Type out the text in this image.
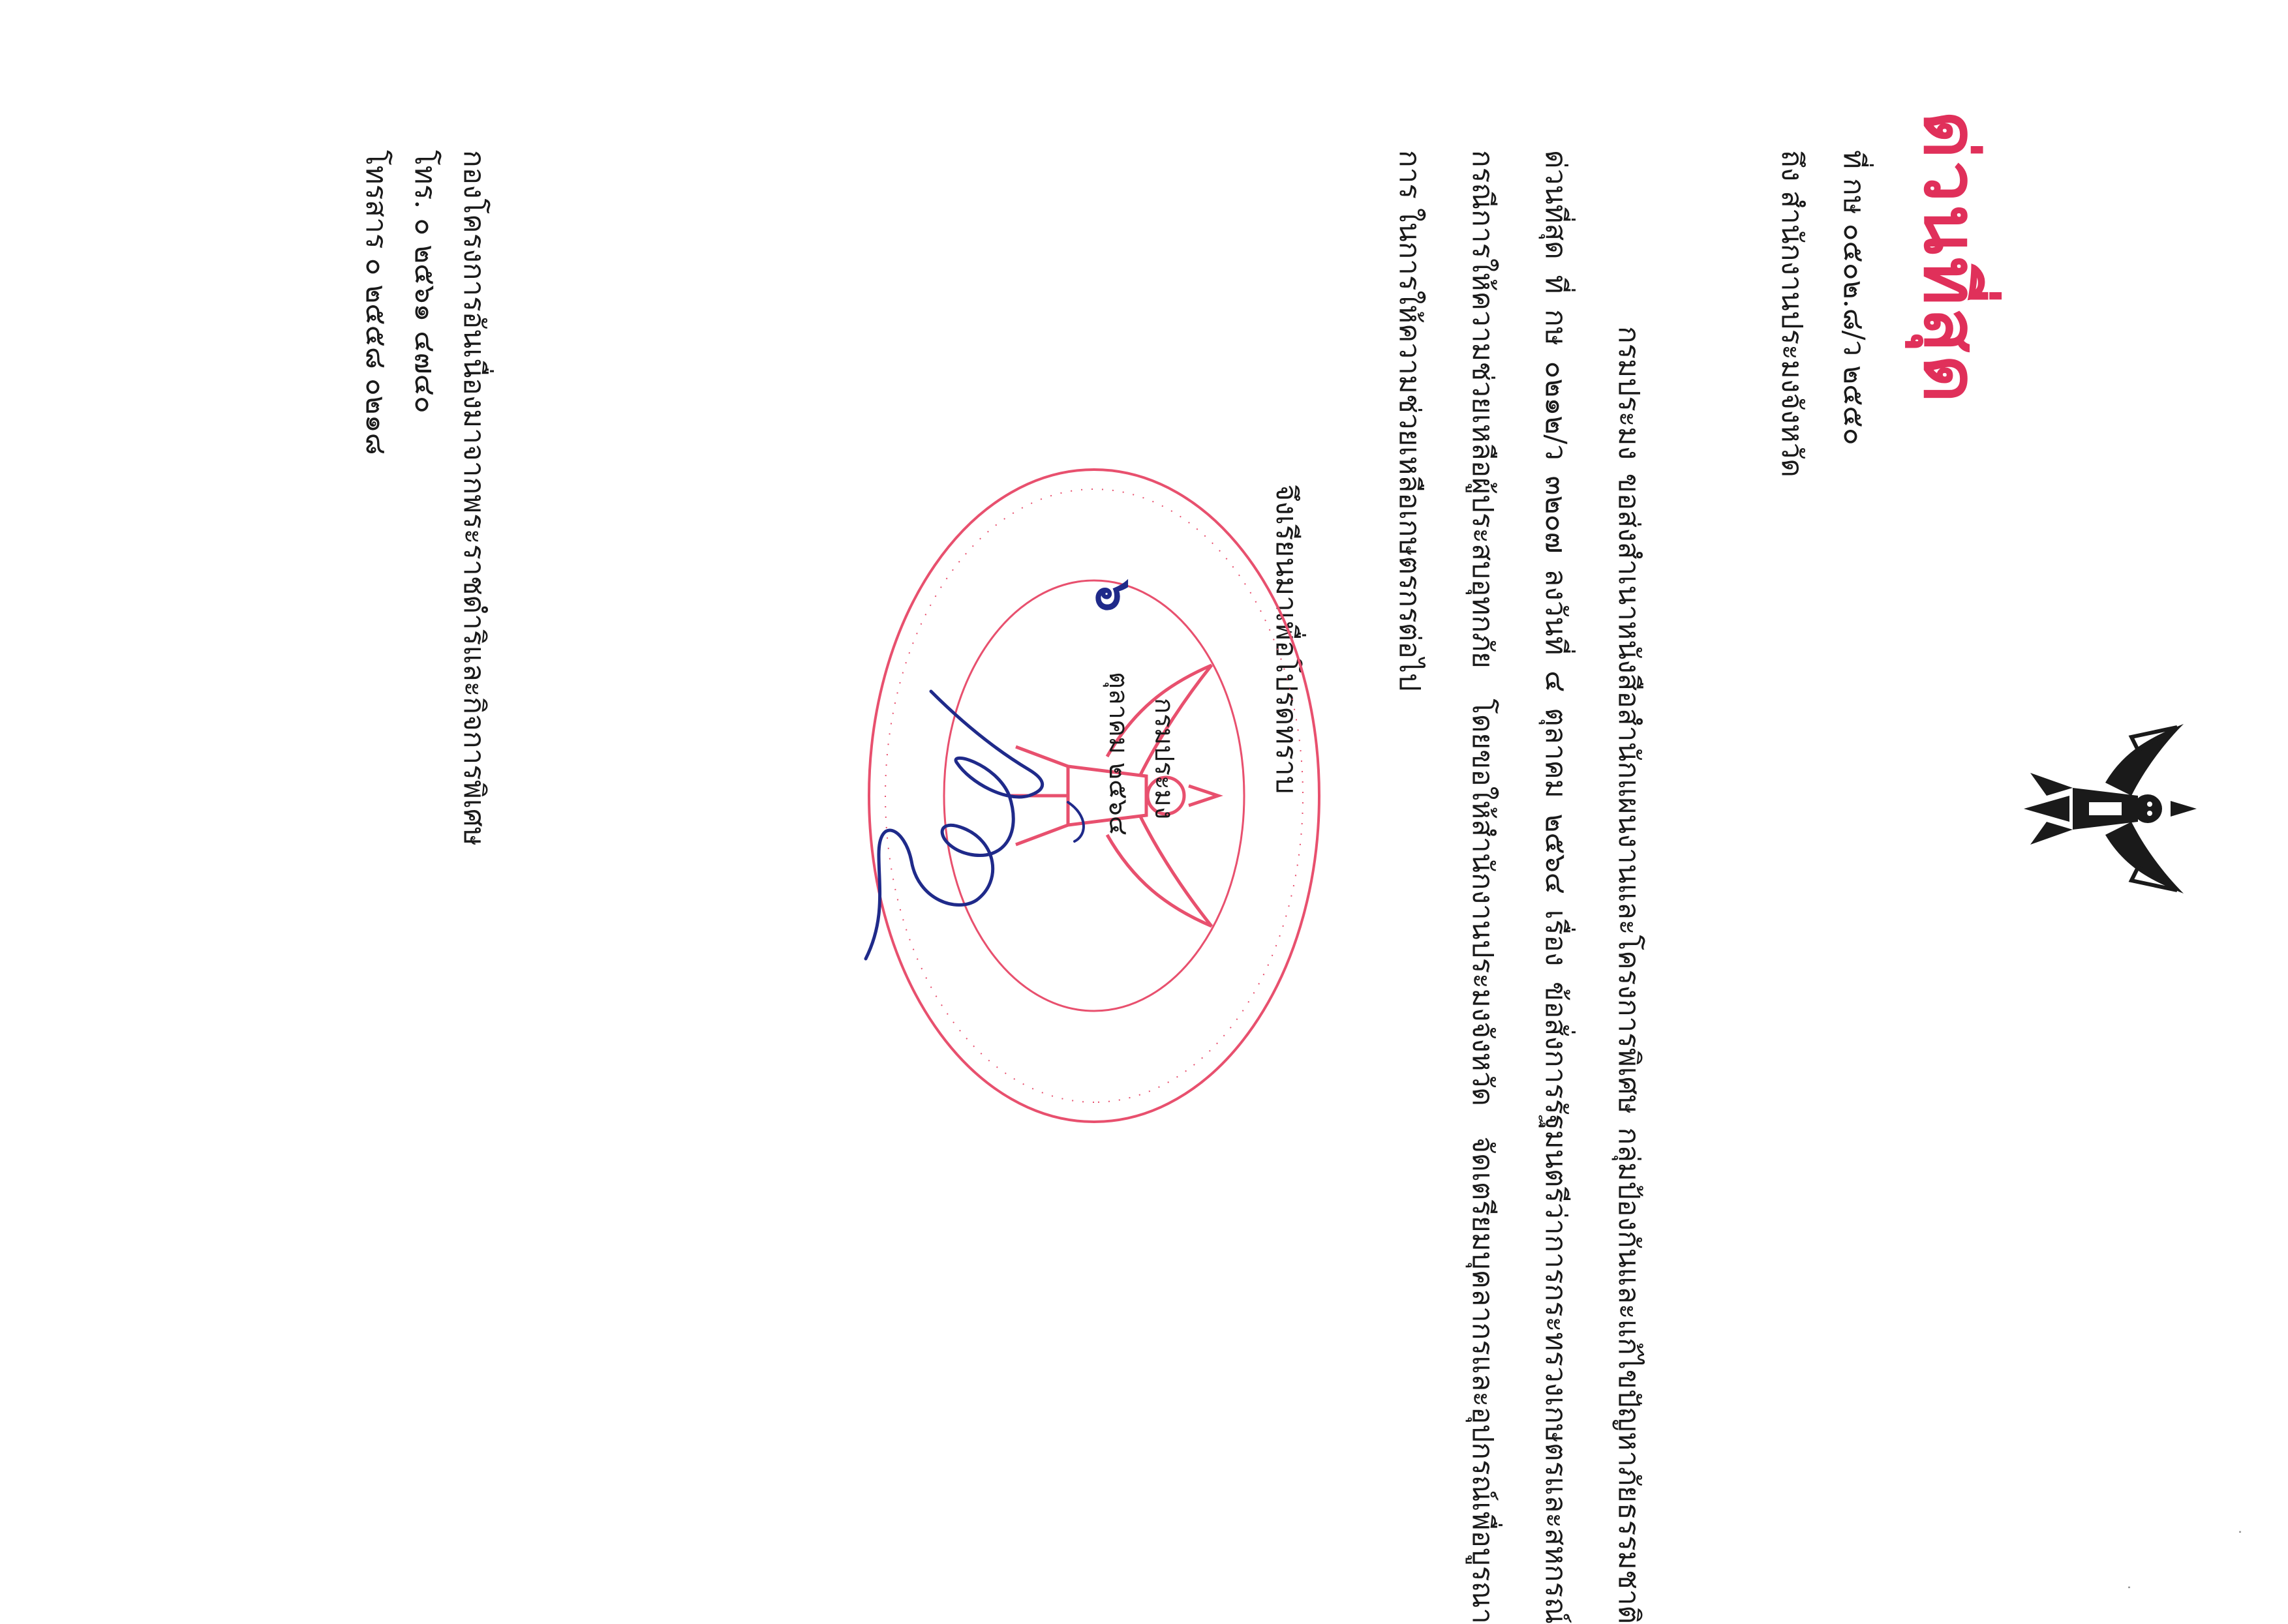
ด่วนที่สุด
ที่ กษ ๐๕๐๒.๘/ว ๒๕๕๐
ถึง สำนักงานประมงจังหวัด

กรมประมง ขอส่งสำเนาหนังสือสำนักแผนงานและโครงการพิเศษ กลุ่มป้องกันและแก้ไขปัญหาภัยธรรมชาติ ด่วนที่สุด ที่ กษ ๐๒๑๒/ว ๓๒๐๗ ลงวันที่ ๔ ตุลาคม ๒๕๖๔ เรื่อง ข้อสั่งการรัฐมนตรีว่าการกระทรวงเกษตรและสหกรณ์ กรณีการให้ความช่วยเหลือผู้ประสบอุทกภัย โดยขอให้สำนักงานประมงจังหวัด จัดเตรียมบุคลากรและอุปกรณ์เพื่อบูรณาการ ในการให้ความช่วยเหลือเกษตรกรต่อไป

จึงเรียนมาเพื่อโปรดทราบ
กรมประมง
ตุลาคม ๒๕๖๔
๖
กองโครงการอันเนื่องมาจากพระราชดำริและกิจการพิเศษ
โทร. ๐ ๒๕๖๑ ๔๗๔๐
โทรสาร ๐ ๒๕๕๘ ๐๒๑๘
·
·
